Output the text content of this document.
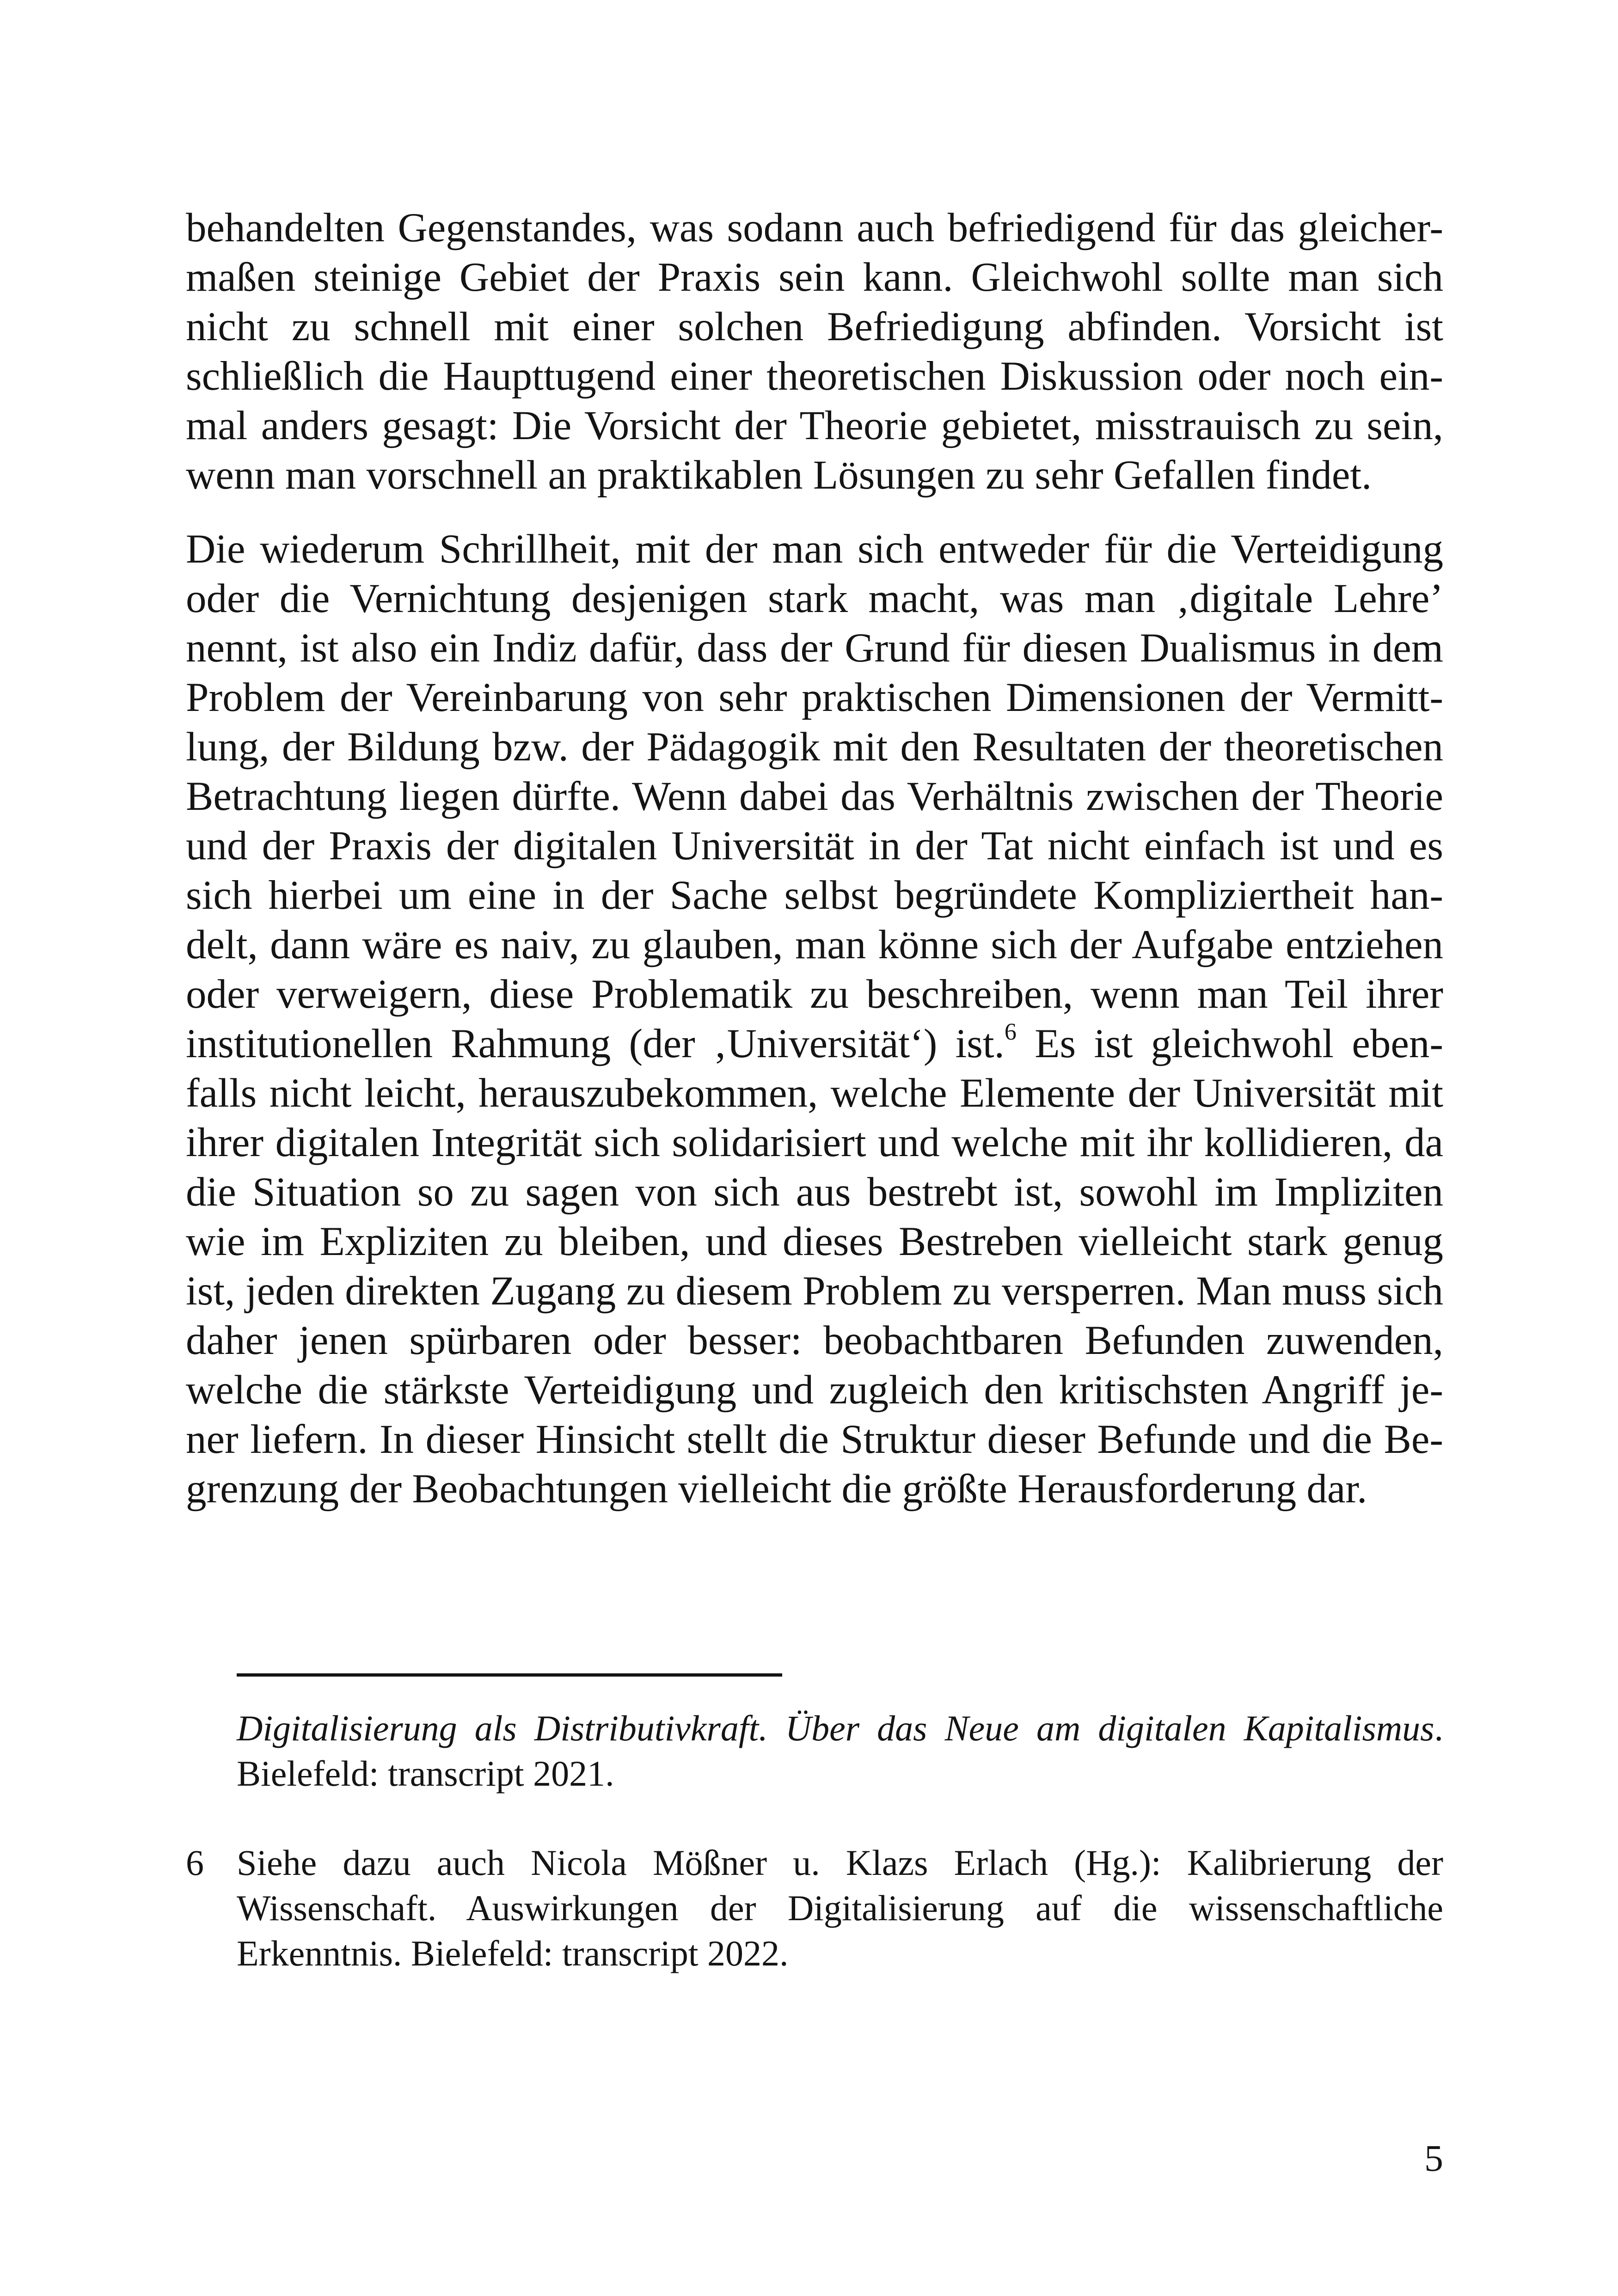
behandelten Gegenstandes, was sodann auch befriedigend für das gleicher-
maßen steinige Gebiet der Praxis sein kann. Gleichwohl sollte man sich
nicht zu schnell mit einer solchen Befriedigung abfinden. Vorsicht ist
schließlich die Haupttugend einer theoretischen Diskussion oder noch ein-
mal anders gesagt: Die Vorsicht der Theorie gebietet, misstrauisch zu sein,
wenn man vorschnell an praktikablen Lösungen zu sehr Gefallen findet.

Die wiederum Schrillheit, mit der man sich entweder für die Verteidigung
oder die Vernichtung desjenigen stark macht, was man ‚digitale Lehre’
nennt, ist also ein Indiz dafür, dass der Grund für diesen Dualismus in dem
Problem der Vereinbarung von sehr praktischen Dimensionen der Vermitt-
lung, der Bildung bzw. der Pädagogik mit den Resultaten der theoretischen
Betrachtung liegen dürfte. Wenn dabei das Verhältnis zwischen der Theorie
und der Praxis der digitalen Universität in der Tat nicht einfach ist und es
sich hierbei um eine in der Sache selbst begründete Kompliziertheit han-
delt, dann wäre es naiv, zu glauben, man könne sich der Aufgabe entziehen
oder verweigern, diese Problematik zu beschreiben, wenn man Teil ihrer
institutionellen Rahmung (der ‚Universität‘) ist.$^6$ Es ist gleichwohl eben-
falls nicht leicht, herauszubekommen, welche Elemente der Universität mit
ihrer digitalen Integrität sich solidarisiert und welche mit ihr kollidieren, da
die Situation so zu sagen von sich aus bestrebt ist, sowohl im Impliziten
wie im Expliziten zu bleiben, und dieses Bestreben vielleicht stark genug
ist, jeden direkten Zugang zu diesem Problem zu versperren. Man muss sich
daher jenen spürbaren oder besser: beobachtbaren Befunden zuwenden,
welche die stärkste Verteidigung und zugleich den kritischsten Angriff je-
ner liefern. In dieser Hinsicht stellt die Struktur dieser Befunde und die Be-
grenzung der Beobachtungen vielleicht die größte Herausforderung dar.

Digitalisierung als Distributivkraft. Über das Neue am digitalen Kapitalismus.
Bielefeld: transcript 2021.
6 Siehe dazu auch Nicola Mößner u. Klazs Erlach (Hg.): Kalibrierung der
Wissenschaft. Auswirkungen der Digitalisierung auf die wissenschaftliche
Erkenntnis. Bielefeld: transcript 2022.
5
